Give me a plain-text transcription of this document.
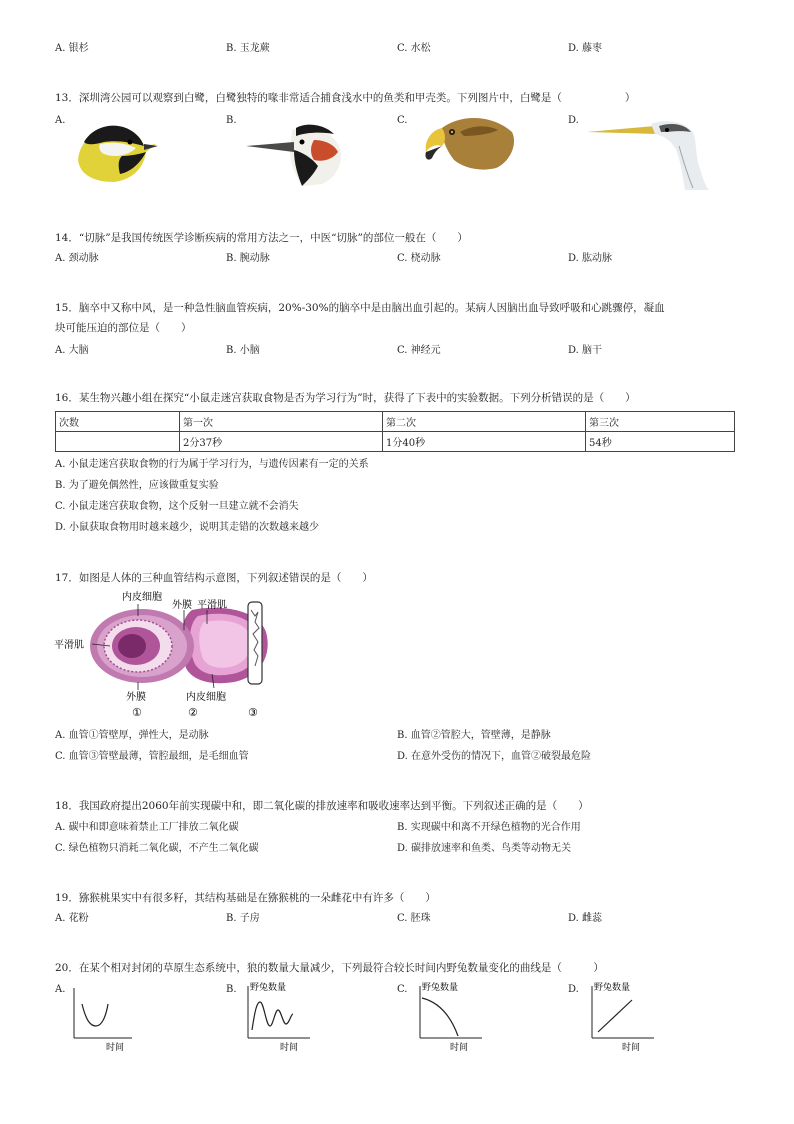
A. 银杉	B. 玉龙蕨	C. 水松	D. 藤枣
13．深圳湾公园可以观察到白鹭，白鹭独特的喙非常适合捕食浅水中的鱼类和甲壳类。下列图片中，白鹭是（　　　　　　）
A.	B.	C.	D.
14．“切脉”是我国传统医学诊断疾病的常用方法之一，中医“切脉”的部位一般在（　　）
A. 颈动脉	B. 腕动脉	C. 桡动脉	D. 肱动脉
15．脑卒中又称中风，是一种急性脑血管疾病，20%-30%的脑卒中是由脑出血引起的。某病人因脑出血导致呼吸和心跳骤停，凝血
块可能压迫的部位是（　　）
A. 大脑	B. 小脑	C. 神经元	D. 脑干
16．某生物兴趣小组在探究“小鼠走迷宫获取食物是否为学习行为”时，获得了下表中的实验数据。下列分析错误的是（　　）
次数	第一次	第二次	第三次
	2分37秒	1分40秒	54秒
A. 小鼠走迷宫获取食物的行为属于学习行为，与遗传因素有一定的关系
B. 为了避免偶然性，应该做重复实验
C. 小鼠走迷宫获取食物，这个反射一旦建立就不会消失
D. 小鼠获取食物用时越来越少，说明其走错的次数越来越少
17．如图是人体的三种血管结构示意图，下列叙述错误的是（　　）
内皮细胞
外膜 平滑肌
平滑肌
外膜	内皮细胞
①	②	③
A. 血管①管壁厚，弹性大，是动脉	B. 血管②管腔大，管壁薄，是静脉
C. 血管③管壁最薄，管腔最细，是毛细血管	D. 在意外受伤的情况下，血管②破裂最危险
18．我国政府提出2060年前实现碳中和，即二氧化碳的排放速率和吸收速率达到平衡。下列叙述正确的是（　　）
A. 碳中和即意味着禁止工厂排放二氧化碳	B. 实现碳中和离不开绿色植物的光合作用
C. 绿色植物只消耗二氧化碳，不产生二氧化碳	D. 碳排放速率和鱼类、鸟类等动物无关
19．猕猴桃果实中有很多籽，其结构基础是在猕猴桃的一朵雌花中有许多（　　）
A. 花粉	B. 子房	C. 胚珠	D. 雌蕊
20．在某个相对封闭的草原生态系统中，狼的数量大量减少，下列最符合较长时间内野兔数量变化的曲线是（　　　）
A.	B.	C.	D.
时间
野兔数量
时间
野兔数量
时间
野兔数量
时间
